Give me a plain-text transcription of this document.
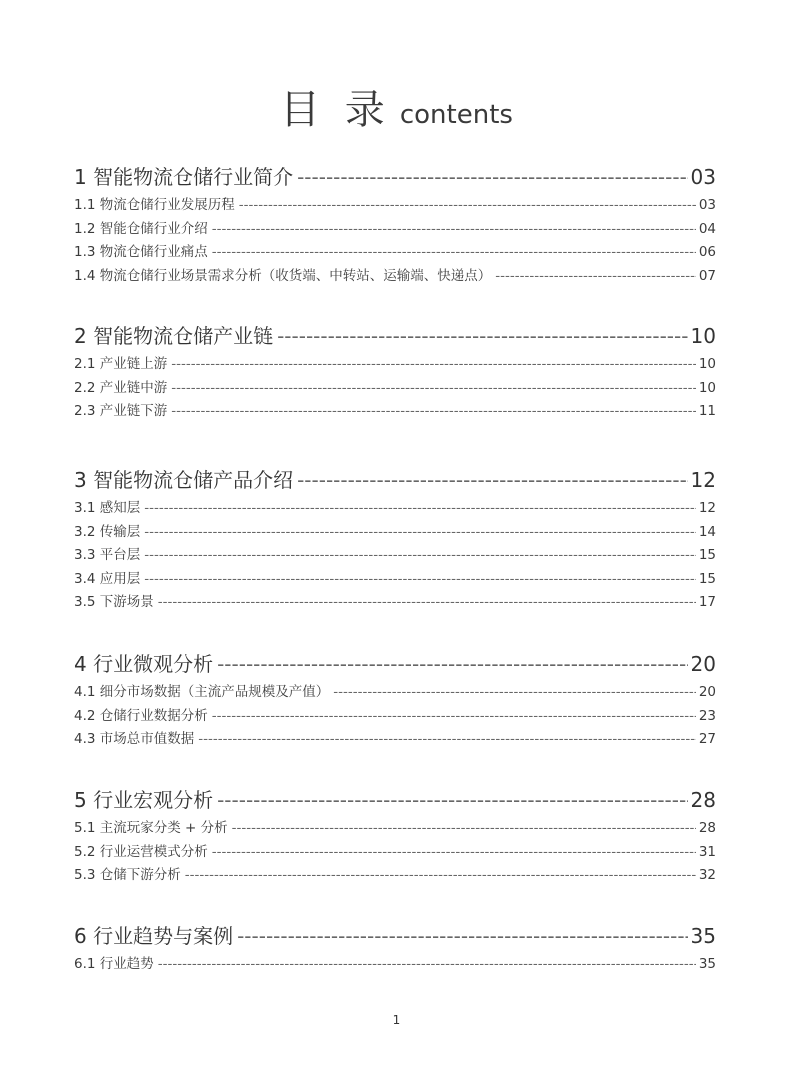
目 录 contents
1 智能物流仓储行业简介 -----	03
1.1 物流仓储行业发展历程 -----	03
1.2 智能仓储行业介绍 -----	04
1.3 物流仓储行业痛点 -----	06
1.4 物流仓储行业场景需求分析（收货端、中转站、运输端、快递点） -----	07
2 智能物流仓储产业链 -----	10
2.1 产业链上游 -----	10
2.2 产业链中游 -----	10
2.3 产业链下游 -----	11
3 智能物流仓储产品介绍 -----	12
3.1 感知层 -----	12
3.2 传输层 -----	14
3.3 平台层 -----	15
3.4 应用层 -----	15
3.5 下游场景 -----	17
4 行业微观分析 -----	20
4.1 细分市场数据（主流产品规模及产值） -----	20
4.2 仓储行业数据分析 -----	23
4.3 市场总市值数据 -----	27
5 行业宏观分析 -----	28
5.1 主流玩家分类 + 分析 -----	28
5.2 行业运营模式分析 -----	31
5.3 仓储下游分析 -----	32
6 行业趋势与案例 -----	35
6.1 行业趋势 -----	35
1
